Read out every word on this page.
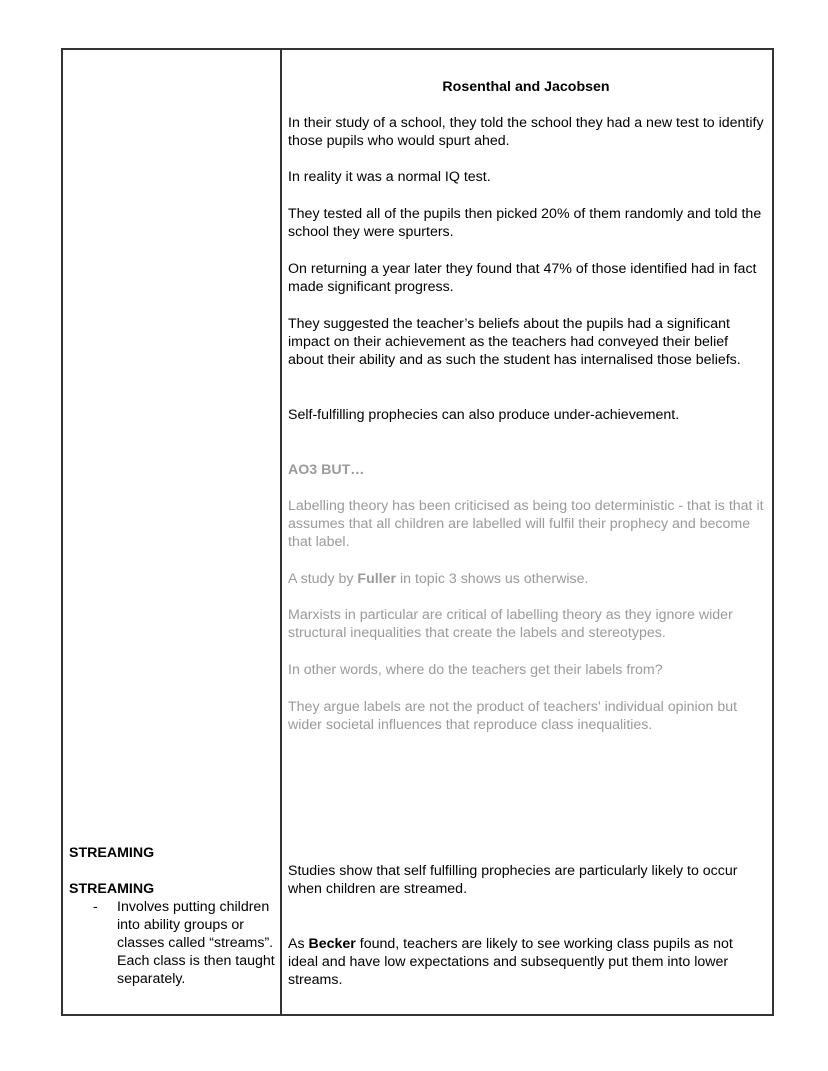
STREAMING

STREAMING

- Involves putting children into ability groups or classes called “streams”. Each class is then taught separately.

Rosenthal and Jacobsen

In their study of a school, they told the school they had a new test to identify those pupils who would spurt ahed.

In reality it was a normal IQ test.

They tested all of the pupils then picked 20% of them randomly and told the school they were spurters.

On returning a year later they found that 47% of those identified had in fact made significant progress.

They suggested the teacher’s beliefs about the pupils had a significant impact on their achievement as the teachers had conveyed their belief about their ability and as such the student has internalised those beliefs.

Self-fulfilling prophecies can also produce under-achievement.

AO3 BUT…

Labelling theory has been criticised as being too deterministic - that is that it assumes that all children are labelled will fulfil their prophecy and become that label.

A study by Fuller in topic 3 shows us otherwise.

Marxists in particular are critical of labelling theory as they ignore wider structural inequalities that create the labels and stereotypes.

In other words, where do the teachers get their labels from?

They argue labels are not the product of teachers' individual opinion but wider societal influences that reproduce class inequalities.

Studies show that self fulfilling prophecies are particularly likely to occur when children are streamed.

As Becker found, teachers are likely to see working class pupils as not ideal and have low expectations and subsequently put them into lower streams.
